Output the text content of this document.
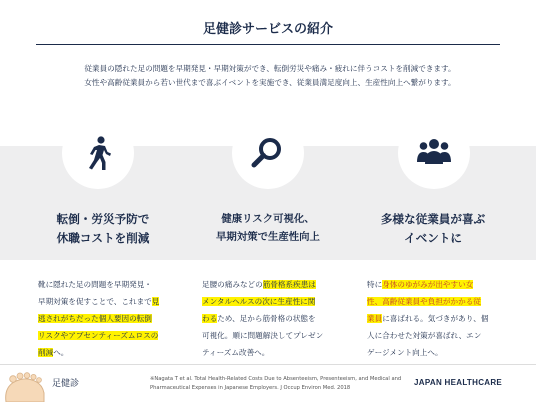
足健診サービスの紹介
従業員の隠れた足の問題を早期発見・早期対策ができ、転倒労災や痛み・疲れに伴うコストを削減できます。
女性や高齢従業員から若い世代まで喜ぶイベントを実施でき、従業員満足度向上、生産性向上へ繋がります。
転倒・労災予防で
休職コストを削減
靴に隠れた足の問題を早期発見・
早期対策を促すことで、これまで見
逃されがちだった個人要因の転倒
リスクやアブセンティーズムロスの
削減へ。
健康リスク可視化、
早期対策で生産性向上
足腰の痛みなどの筋骨格系疾患は
メンタルヘルスの次に生産性に関
わるため、足から筋骨格の状態を
可視化。順に問題解決してプレゼン
ティーズム改善へ。
多様な従業員が喜ぶ
イベントに
特に身体のゆがみが出やすい女
性、高齢従業員や負担がかかる従
業員に喜ばれる。気づきがあり、個
人に合わせた対策が喜ばれ、エン
ゲージメント向上へ。
足健診	※Nagata T et al. Total Health-Related Costs Due to Absenteeism, Presenteeism, and Medical and
Pharmaceutical Expenses in Japanese Employers. J Occup Environ Med. 2018
JAPAN HEALTHCARE
